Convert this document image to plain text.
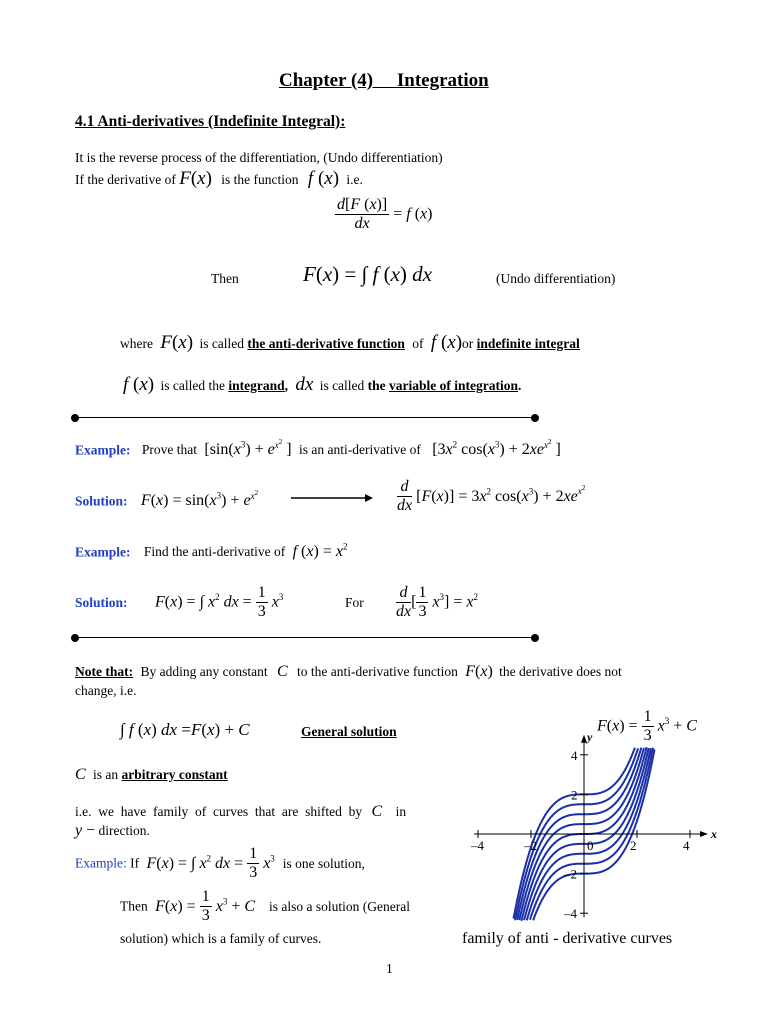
Chapter (4)     Integration
4.1 Anti-derivatives (Indefinite Integral):
It is the reverse process of the differentiation, (Undo differentiation)
If the derivative of F(x) is the function f (x) i.e.
$\frac{d[F (x)]}{dx} = f$ (x)
Then	F(x) = ∫ f (x) dx	(Undo differentiation)
where F(x) is called the anti-derivative function of f (x)or indefinite integral
f (x) is called the integrand, dx is called the variable of integration.
Example: Prove that [$\sin(x^3) + e^{x^2}$ ] is an anti-derivative of [$3x^2$ $\cos(x^3) + 2xe^{x^2}$ ]
Solution: $F(x) = \sin(x^3) + e^{x^2}$	$\frac{d}{dx} [F(x)] = 3x^2$ $\cos(x^3) + 2xe^{x^2}$
Example: Find the anti-derivative of f $(x) = x^2$
Solution: F(x) = ∫ $x^2$ dx = $\frac{1}{3} x^3$	For $\frac{d}{dx}$ [ $\frac{1}{3} x^3] = x^2$
Note that: By adding any constant C to the anti-derivative function F(x) the derivative does not
change, i.e.
∫ f (x) dx =F(x) + C	General solution
C is an arbitrary constant
i.e.  we  have  family  of  curves  that  are  shifted  by C in
y − direction.
Example: If F(x) = ∫ $x^2$ dx = $\frac{1}{3} x^3$ is one solution,
Then $F(x) = \frac{1}{3} x^3 + C$ is also a solution (General
solution) which is a family of curves.
$F(x) = \frac{1}{3} x^3 + C$
–4	–2	0	2	4
4
2
–2
–4
x
y
family of anti - derivative curves
1
